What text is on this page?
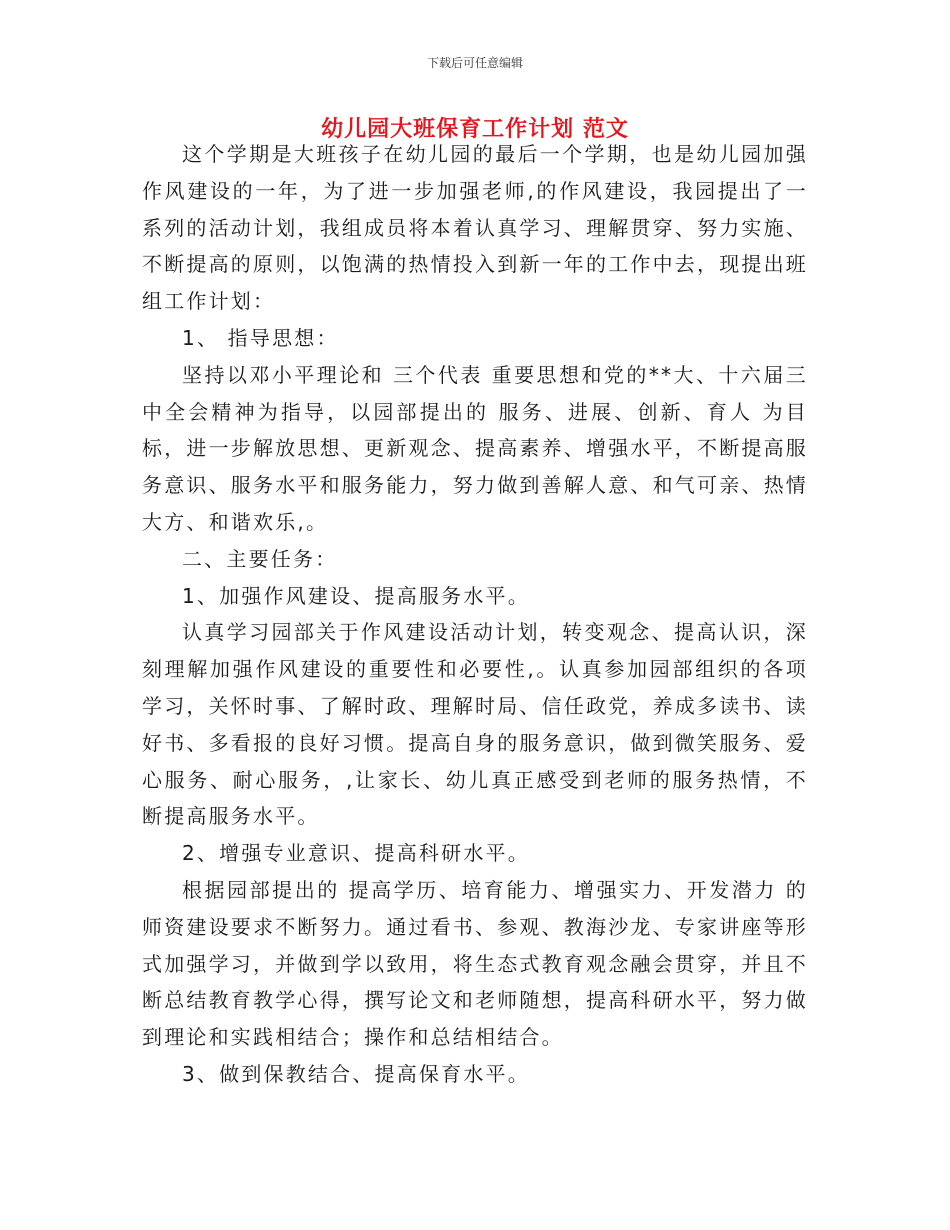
下载后可任意编辑
幼儿园大班保育工作计划 范文

这个学期是大班孩子在幼儿园的最后一个学期，也是幼儿园加强作风建设的一年，为了进一步加强老师,的作风建设，我园提出了一系列的活动计划，我组成员将本着认真学习、理解贯穿、努力实施、不断提高的原则，以饱满的热情投入到新一年的工作中去，现提出班组工作计划：

1、 指导思想：

坚持以邓小平理论和 三个代表 重要思想和党的**大、十六届三中全会精神为指导，以园部提出的 服务、进展、创新、育人 为目标，进一步解放思想、更新观念、提高素养、增强水平，不断提高服务意识、服务水平和服务能力，努力做到善解人意、和气可亲、热情大方、和谐欢乐,。

二、主要任务：

1、加强作风建设、提高服务水平。

认真学习园部关于作风建设活动计划，转变观念、提高认识，深刻理解加强作风建设的重要性和必要性,。认真参加园部组织的各项学习，关怀时事、了解时政、理解时局、信任政党，养成多读书、读好书、多看报的良好习惯。提高自身的服务意识，做到微笑服务、爱心服务、耐心服务，,让家长、幼儿真正感受到老师的服务热情，不断提高服务水平。

2、增强专业意识、提高科研水平。

根据园部提出的 提高学历、培育能力、增强实力、开发潜力 的师资建设要求不断努力。通过看书、参观、教海沙龙、专家讲座等形式加强学习，并做到学以致用，将生态式教育观念融会贯穿，并且不断总结教育教学心得，撰写论文和老师随想，提高科研水平，努力做到理论和实践相结合；操作和总结相结合。

3、做到保教结合、提高保育水平。
